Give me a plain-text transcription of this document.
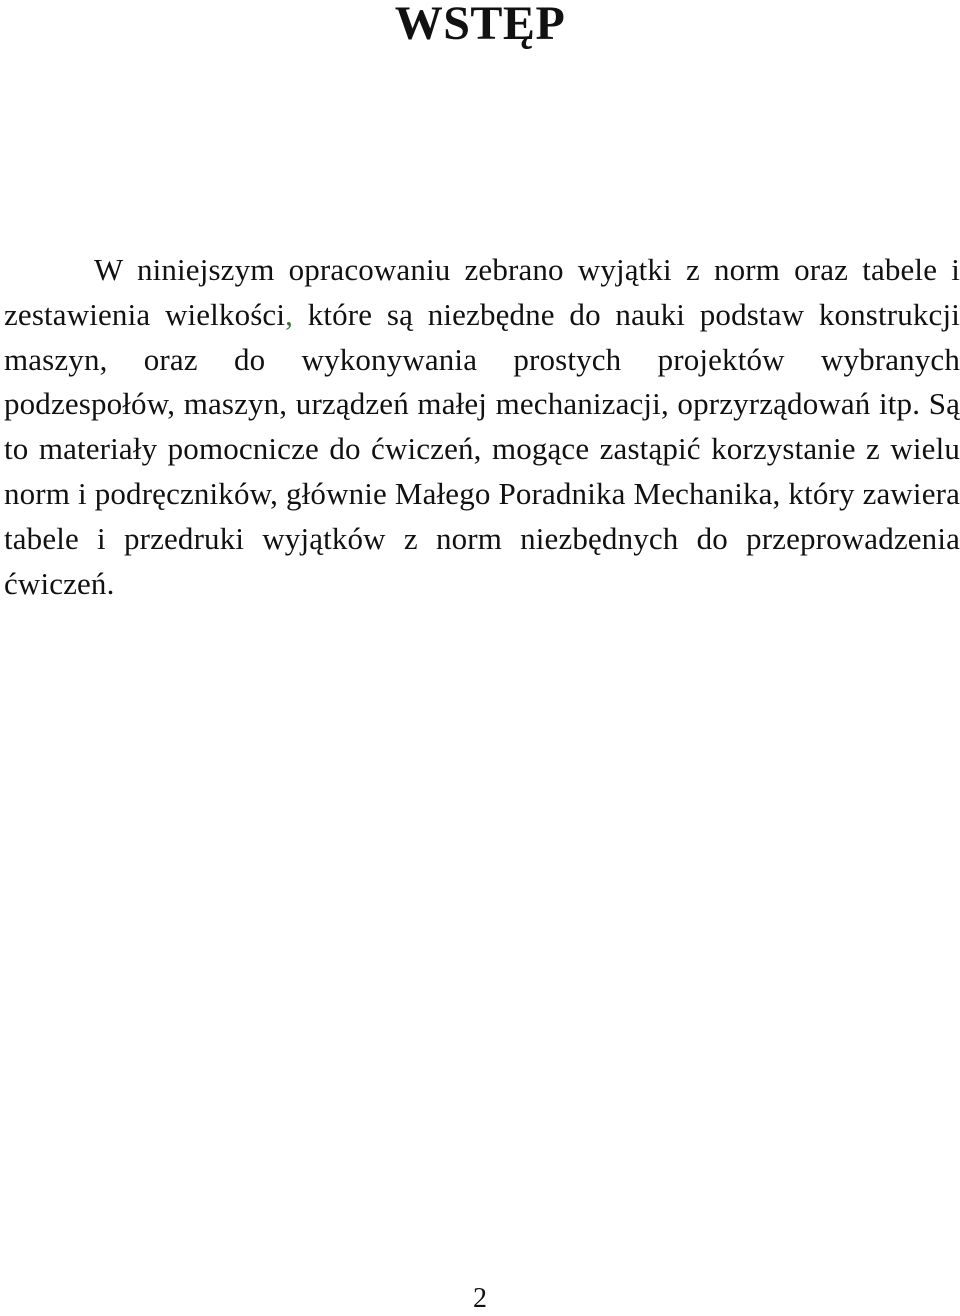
WSTĘP

W niniejszym opracowaniu zebrano wyjątki z norm oraz tabele i zestawienia wielkości, które są niezbędne do nauki podstaw konstrukcji maszyn, oraz do wykonywania prostych projektów wybranych podzespołów, maszyn, urządzeń małej mechanizacji, oprzyrządowań itp. Są to materiały pomocnicze do ćwiczeń, mogące zastąpić korzystanie z wielu norm i podręczników, głównie Małego Poradnika Mechanika, który zawiera tabele i przedruki wyjątków z norm niezbędnych do przeprowadzenia ćwiczeń.

2
